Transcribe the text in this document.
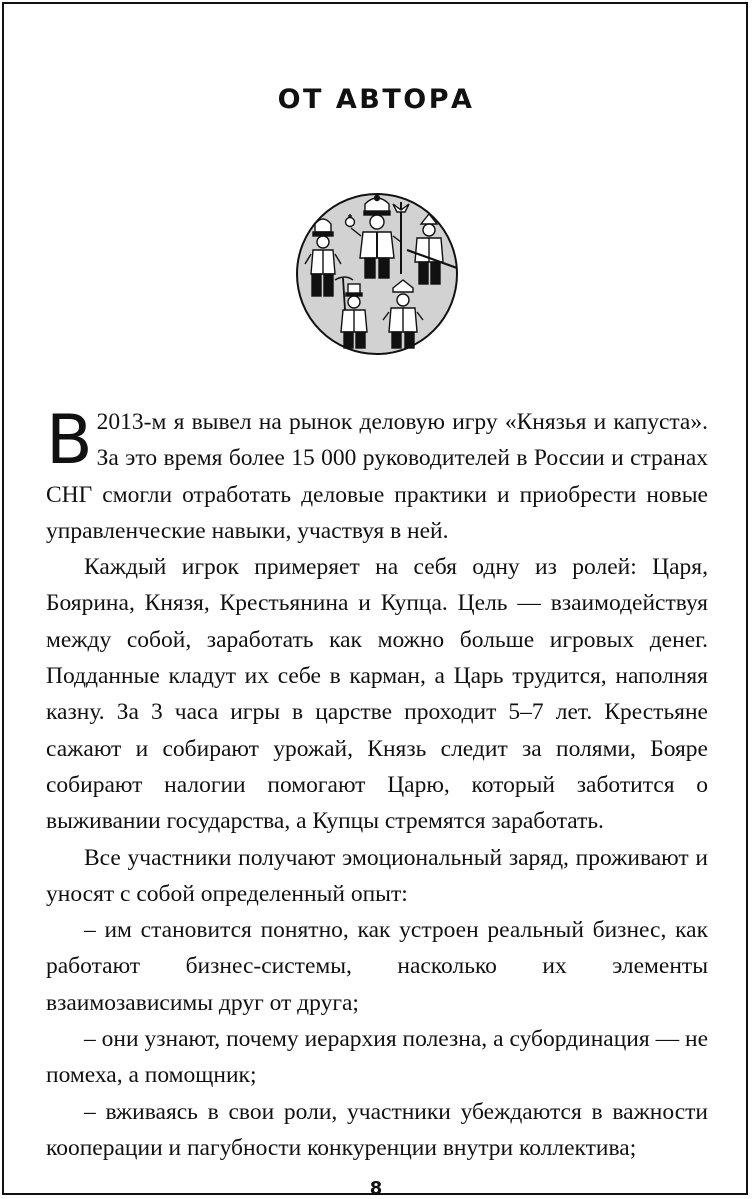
ОТ АВТОРА

В 2013-м я вывел на рынок деловую игру «Князья и капуста». За это время более 15 000 руководителей в России и странах СНГ смогли отработать деловые практики и приобрести новые управленческие навыки, участвуя в ней.

Каждый игрок примеряет на себя одну из ролей: Царя, Боярина, Князя, Крестьянина и Купца. Цель — взаимодействуя между собой, заработать как можно больше игровых денег. Подданные кладут их себе в карман, а Царь трудится, наполняя казну. За 3 часа игры в царстве проходит 5–7 лет. Крестьяне сажают и собирают урожай, Князь следит за полями, Бояре собирают налогии помогают Царю, который заботится о выживании государства, а Купцы стремятся заработать.

Все участники получают эмоциональный заряд, проживают и уносят с собой определенный опыт:

– им становится понятно, как устроен реальный бизнес, как работают бизнес-системы, насколько их элементы взаимозависимы друг от друга;

– они узнают, почему иерархия полезна, а субординация — не помеха, а помощник;

– вживаясь в свои роли, участники убеждаются в важности кооперации и пагубности конкуренции внутри коллектива;

8
